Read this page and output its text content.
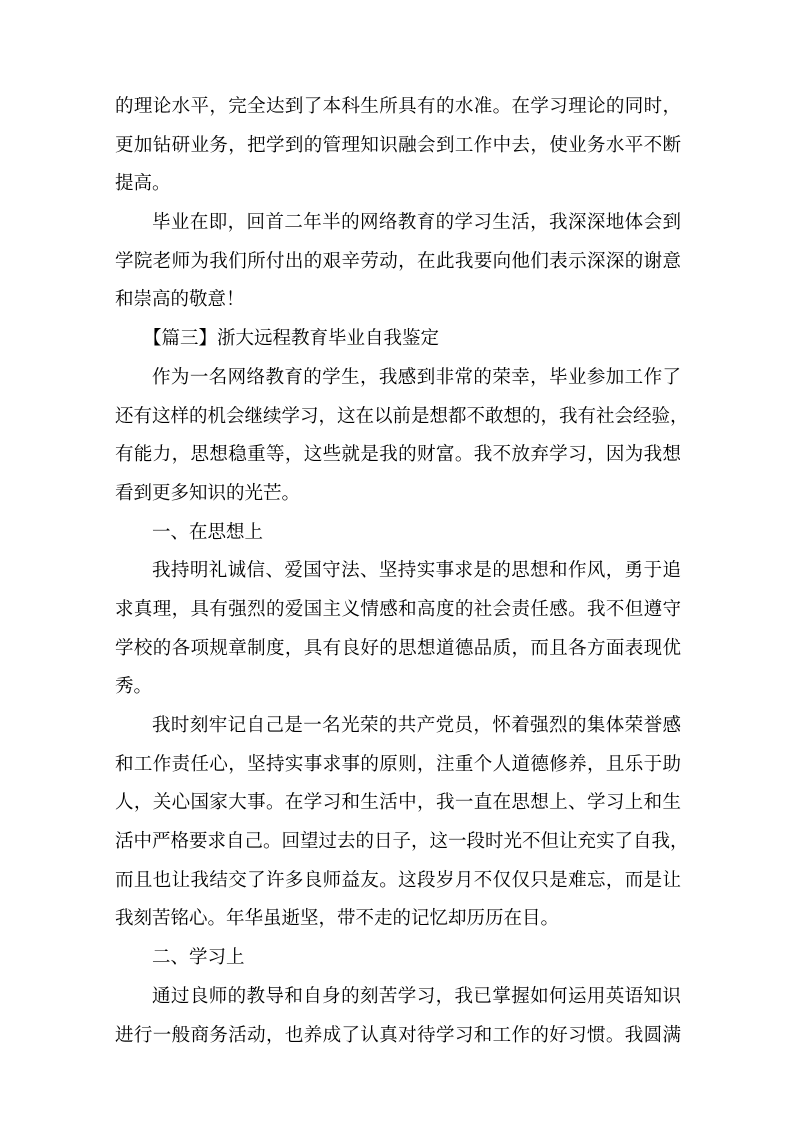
的理论水平，完全达到了本科生所具有的水准。在学习理论的同时，
更加钻研业务，把学到的管理知识融会到工作中去，使业务水平不断
提高。
毕业在即，回首二年半的网络教育的学习生活，我深深地体会到
学院老师为我们所付出的艰辛劳动，在此我要向他们表示深深的谢意
和崇高的敬意！
【篇三】浙大远程教育毕业自我鉴定
作为一名网络教育的学生，我感到非常的荣幸，毕业参加工作了
还有这样的机会继续学习，这在以前是想都不敢想的，我有社会经验，
有能力，思想稳重等，这些就是我的财富。我不放弃学习，因为我想
看到更多知识的光芒。
一、在思想上
我持明礼诚信、爱国守法、坚持实事求是的思想和作风，勇于追
求真理，具有强烈的爱国主义情感和高度的社会责任感。我不但遵守
学校的各项规章制度，具有良好的思想道德品质，而且各方面表现优
秀。
我时刻牢记自己是一名光荣的共产党员，怀着强烈的集体荣誉感
和工作责任心，坚持实事求事的原则，注重个人道德修养，且乐于助
人，关心国家大事。在学习和生活中，我一直在思想上、学习上和生
活中严格要求自己。回望过去的日子，这一段时光不但让充实了自我，
而且也让我结交了许多良师益友。这段岁月不仅仅只是难忘，而是让
我刻苦铭心。年华虽逝坚，带不走的记忆却历历在目。
二、学习上
通过良师的教导和自身的刻苦学习，我已掌握如何运用英语知识
进行一般商务活动，也养成了认真对待学习和工作的好习惯。我圆满
